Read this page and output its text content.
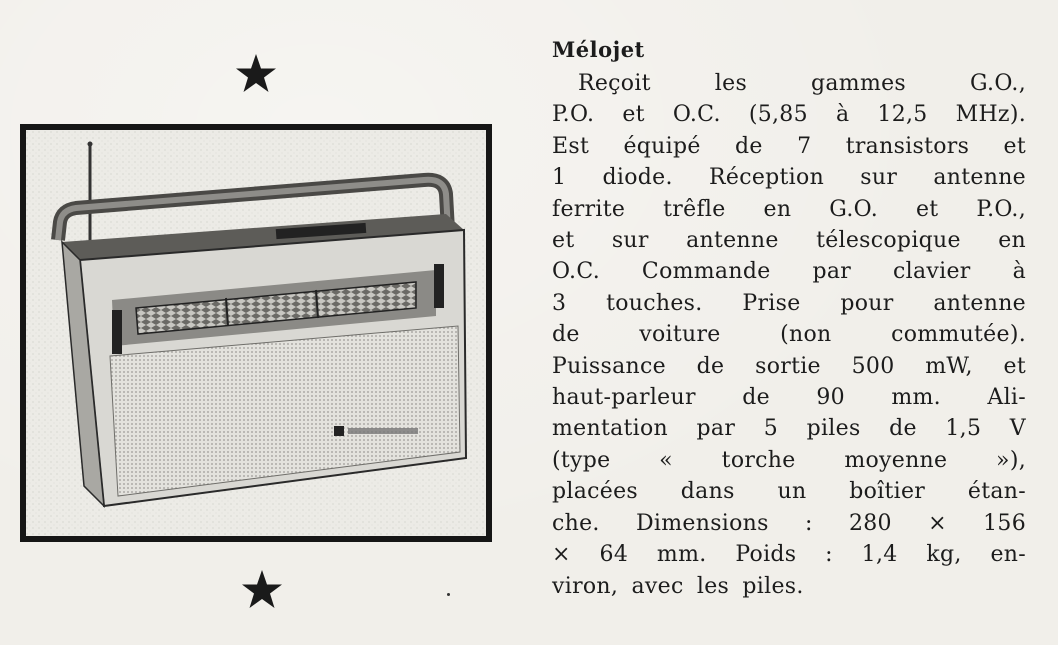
Mélojet
Reçoit les gammes G.O.,
P.O. et O.C. (5,85 à 12,5 MHz).
Est équipé de 7 transistors et
1 diode. Réception sur antenne
ferrite trêfle en G.O. et P.O.,
et sur antenne télescopique en
O.C. Commande par clavier à
3 touches. Prise pour antenne
de voiture (non commutée).
Puissance de sortie 500 mW, et
haut-parleur de 90 mm. Ali-
mentation par 5 piles de 1,5 V
(type « torche moyenne »),
placées dans un boîtier étan-
che. Dimensions : 280 × 156
× 64 mm. Poids : 1,4 kg, en-
viron, avec les piles.
